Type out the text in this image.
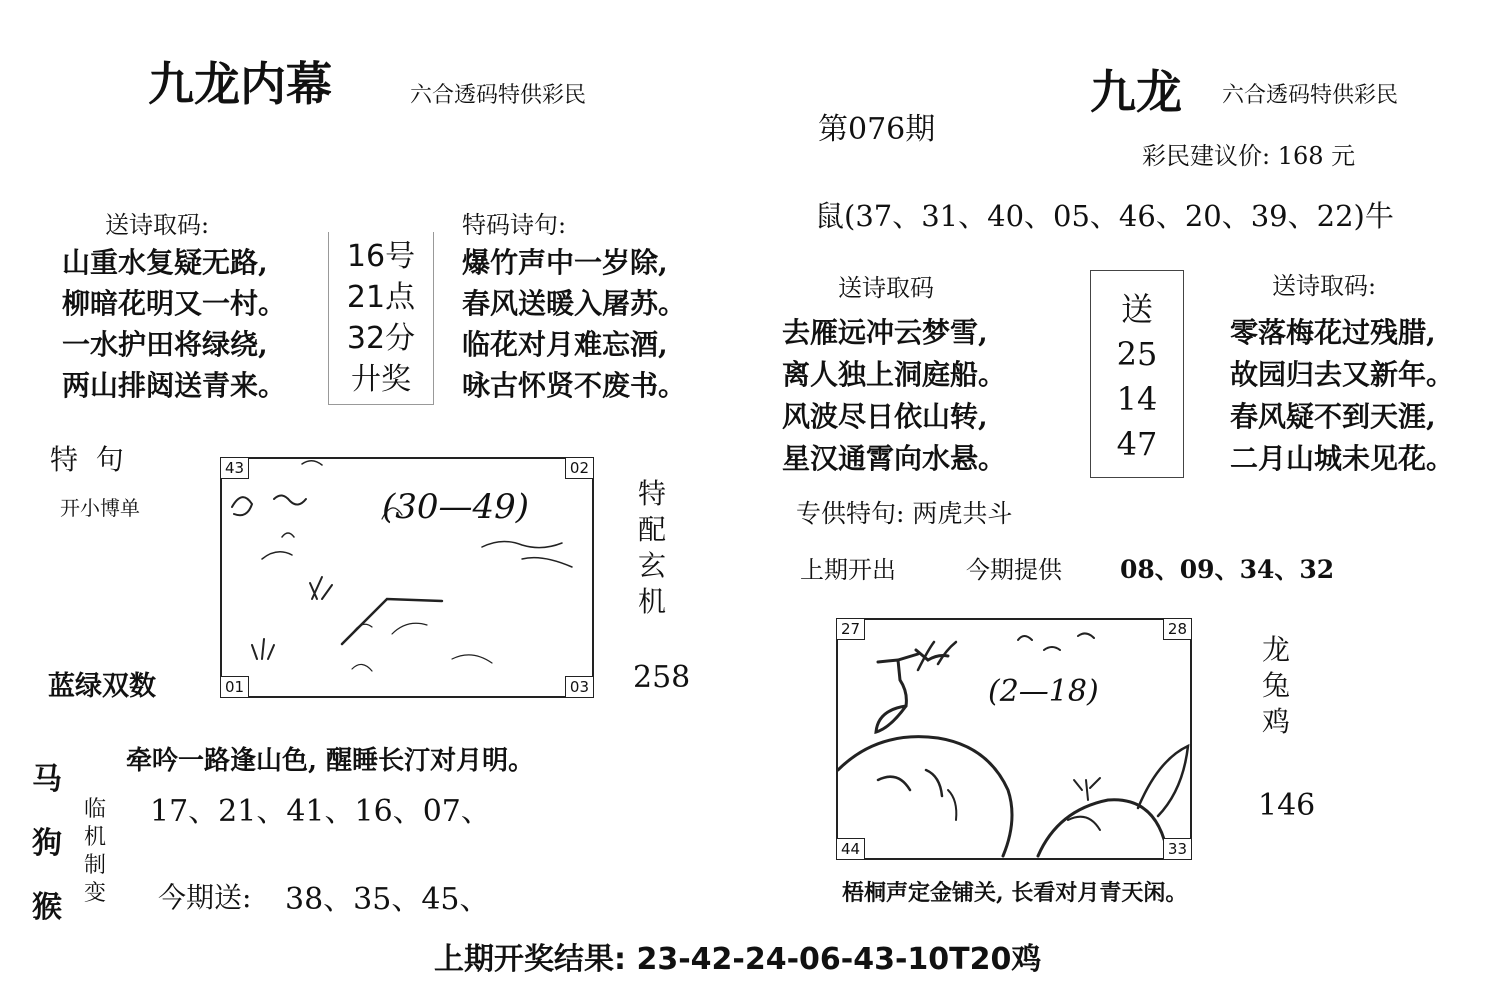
九龙内幕	六合透码特供彩民
送诗取码:
山重水复疑无路,
柳暗花明又一村。
一水护田将绿绕,
两山排闼送青来。
16号
21点
32分
廾奖
特码诗句:
爆竹声中一岁除,
春风送暖入屠苏。
临花对月难忘酒,
咏古怀贤不废书。
特  句
开小博单
蓝绿双数
(30—49)
43	02
01	03
特
配
玄
机
258
牵吟一路逢山色, 醒睡长汀对月明。
马
狗
猴
临
机
制
变
17、21、41、16、07、
今期送: 38、35、45、
九龙 六合透码特供彩民
第076期
彩民建议价: 168 元
鼠(37、31、40、05、46、20、39、22)牛
送诗取码
去雁远冲云梦雪,
离人独上洞庭船。
风波尽日依山转,
星汉通霄向水悬。
送
25
14
47
送诗取码:
零落梅花过残腊,
故园归去又新年。
春风疑不到天涯,
二月山城未见花。
专供特句: 两虎共斗
上期开出	今期提供 08、09、34、32
(2—18)
27	28
44	33
龙
兔
鸡
146
梧桐声定金铺关, 长看对月青天闲。
上期开奖结果: 23-42-24-06-43-10T20鸡
